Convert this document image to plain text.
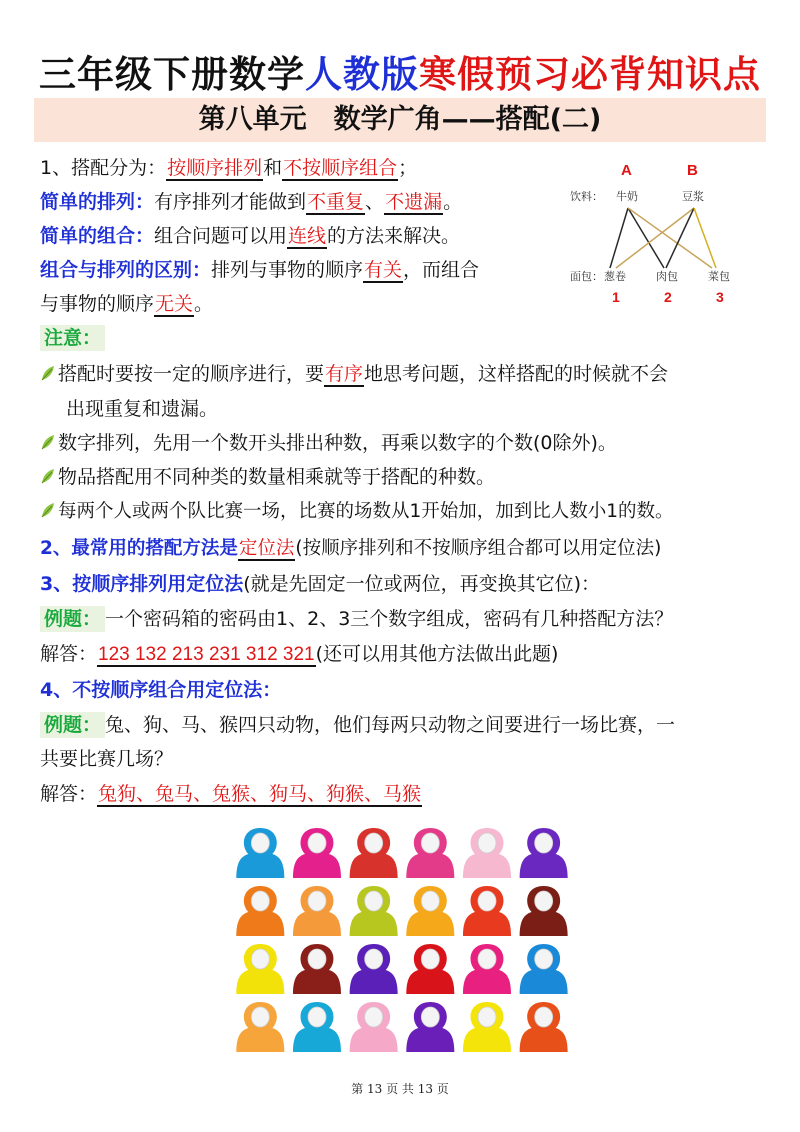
三年级下册数学人教版寒假预习必背知识点
第八单元　数学广角——搭配(二)
1、搭配分为：按顺序排列和不按顺序组合；
简单的排列：有序排列才能做到不重复、不遗漏。
简单的组合：组合问题可以用连线的方法来解决。
组合与排列的区别：排列与事物的顺序有关，而组合
与事物的顺序无关。
A	B
饮料： 牛奶	豆浆
面包： 葱卷	肉包	菜包
1	2	3
注意：
搭配时要按一定的顺序进行，要有序地思考问题，这样搭配的时候就不会
出现重复和遗漏。
数字排列，先用一个数开头排出种数，再乘以数字的个数(0除外)。
物品搭配用不同种类的数量相乘就等于搭配的种数。
每两个人或两个队比赛一场，比赛的场数从1开始加，加到比人数小1的数。
2、最常用的搭配方法是定位法(按顺序排列和不按顺序组合都可以用定位法)
3、按顺序排列用定位法(就是先固定一位或两位，再变换其它位)：
例题： 一个密码箱的密码由1、2、3三个数字组成，密码有几种搭配方法？
解答：123 132 213 231 312 321(还可以用其他方法做出此题)
4、不按顺序组合用定位法：
例题： 兔、狗、马、猴四只动物，他们每两只动物之间要进行一场比赛，一
共要比赛几场？
解答：兔狗、兔马、兔猴、狗马、狗猴、马猴
第 13 页 共 13 页
